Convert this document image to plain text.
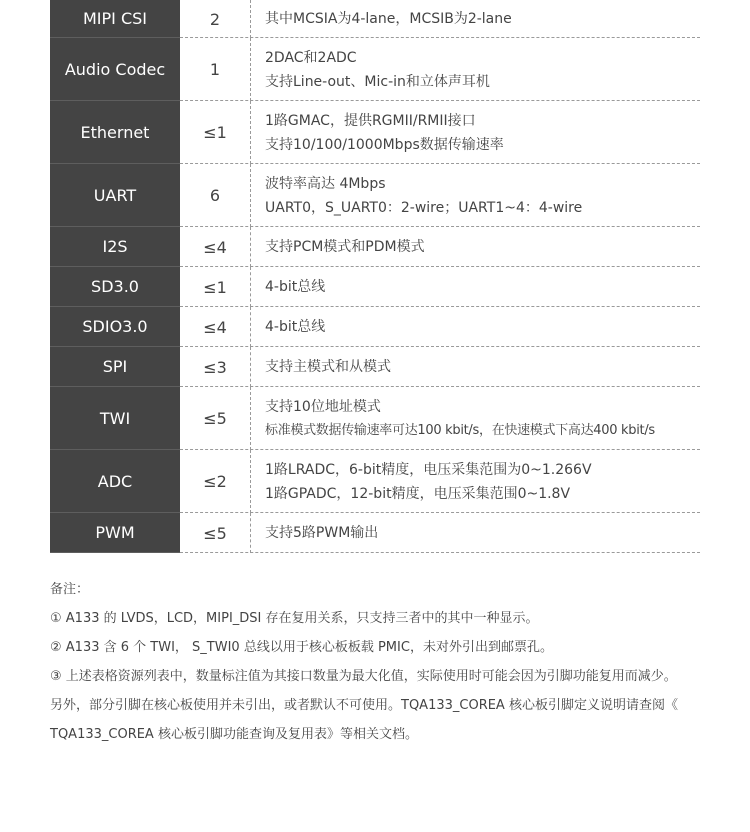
MIPI CSI	2	其中MCSIA为4-lane，MCSIB为2-lane
Audio Codec	1
2DAC和2ADC
支持Line-out、Mic-in和立体声耳机
Ethernet	≤1
1路GMAC，提供RGMII/RMII接口
支持10/100/1000Mbps数据传输速率
UART	6
波特率高达 4Mbps
UART0，S_UART0：2-wire；UART1~4：4-wire
I2S	≤4	支持PCM模式和PDM模式
SD3.0	≤1	4-bit总线
SDIO3.0	≤4	4-bit总线
SPI	≤3	支持主模式和从模式
TWI	≤5
支持10位地址模式
标准模式数据传输速率可达100 kbit/s，在快速模式下高达400 kbit/s
ADC	≤2
1路LRADC，6-bit精度，电压采集范围为0~1.266V
1路GPADC，12-bit精度，电压采集范围0~1.8V
PWM	≤5	支持5路PWM输出
备注：
① A133 的 LVDS，LCD，MIPI_DSI 存在复用关系，只支持三者中的其中一种显示。
② A133 含 6 个 TWI， S_TWI0 总线以用于核心板板载 PMIC，未对外引出到邮票孔。
③ 上述表格资源列表中，数量标注值为其接口数量为最大化值，实际使用时可能会因为引脚功能复用而减少。
另外，部分引脚在核心板使用并未引出，或者默认不可使用。TQA133_COREA 核心板引脚定义说明请查阅《
TQA133_COREA 核心板引脚功能查询及复用表》等相关文档。
